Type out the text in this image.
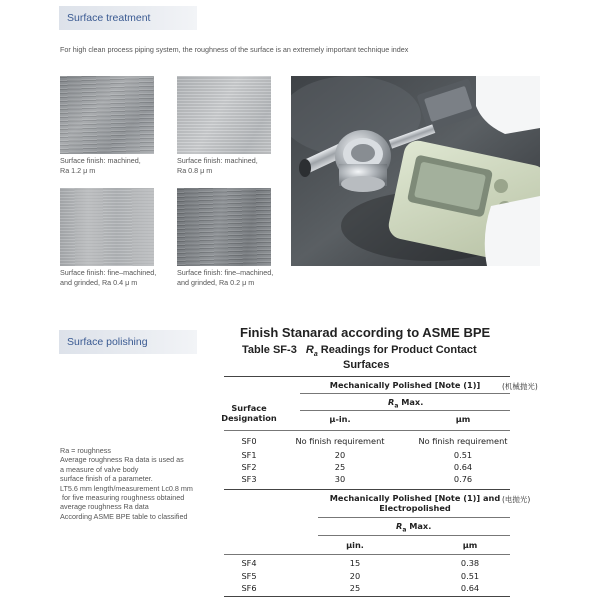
Surface treatment
For high clean process piping system, the roughness of the surface is an extremely important technique index
Surface finish: machined,
Ra 1.2 μ m
Surface finish: machined,
Ra 0.8 μ m
Surface finish: fine–machined,
and grinded, Ra 0.4 μ m
Surface finish: fine–machined,
and grinded, Ra 0.2 μ m
Surface polishing
Ra = roughness
Average roughness Ra data is used as
a measure of valve body
surface finish of a parameter.
LT5.6 mm length/measurement Lc0.8 mm
for five measuring roughness obtained
average roughness Ra data
According ASME BPE table to classified
Finish Stanarad according to ASME BPE
Table SF-3 $R_a$ Readings for Product Contact
Surfaces
Mechanically Polished [Note (1)]	(机械抛光)
$R_a$ Max.
Surface
Designation	μ-in.	μm
SF0	No finish requirement	No finish requirement
SF1	20	0.51
SF2	25	0.64
SF3	30	0.76
Mechanically Polished [Note (1)] and
Electropolished
(电抛光)
$R_a$ Max.
μin.	μm
SF4	15	0.38
SF5	20	0.51
SF6	25	0.64
